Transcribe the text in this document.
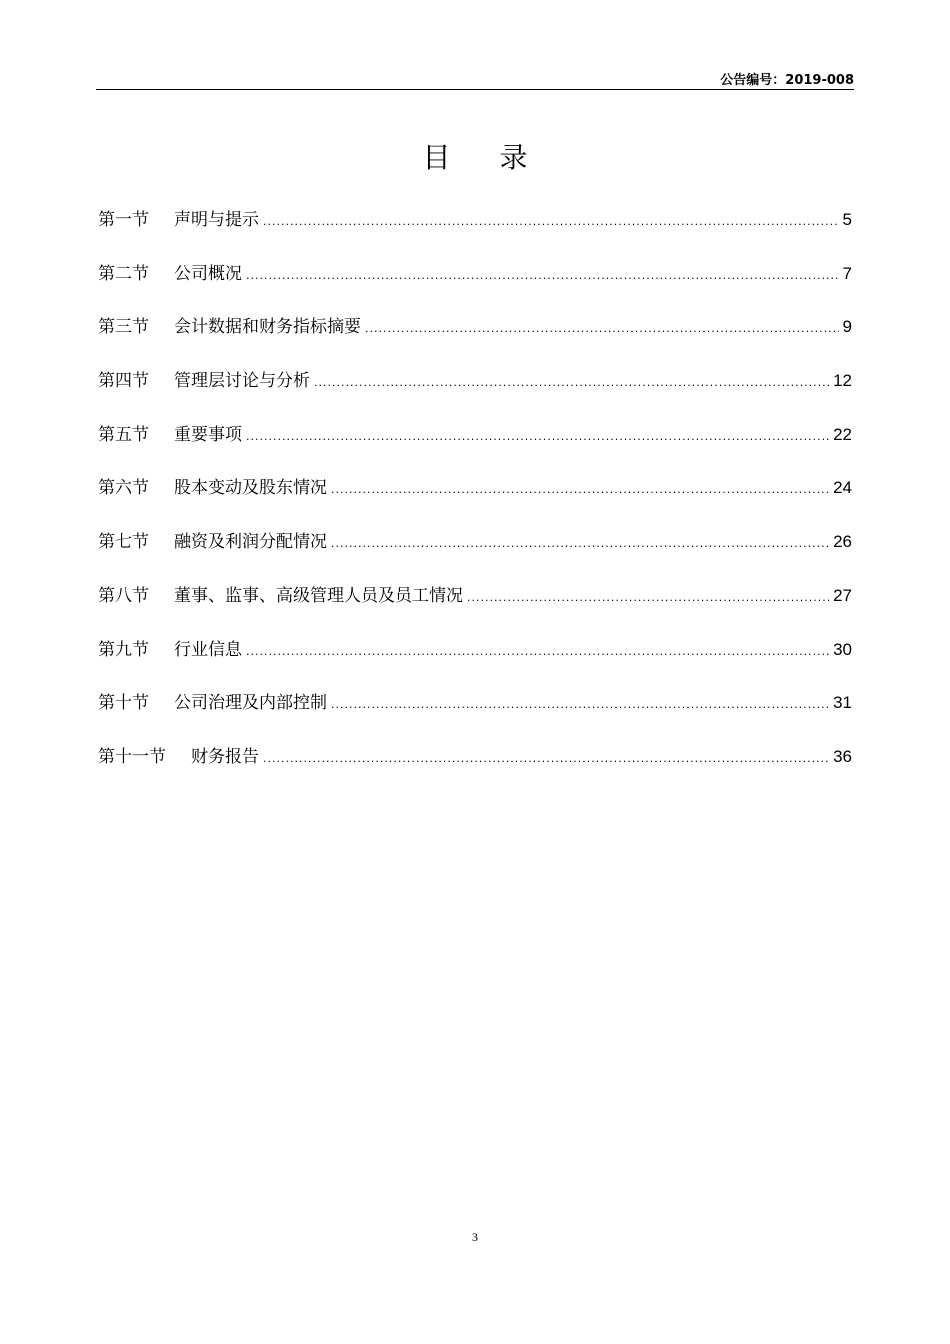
公告编号：2019-008
目 录
第一节 声明与提示 .....	5
第二节 公司概况 .....	7
第三节 会计数据和财务指标摘要 .....	9
第四节 管理层讨论与分析 .....	12
第五节 重要事项 .....	22
第六节 股本变动及股东情况 .....	24
第七节 融资及利润分配情况 .....	26
第八节 董事、监事、高级管理人员及员工情况 .....	27
第九节 行业信息 .....	30
第十节 公司治理及内部控制 .....	31
第十一节 财务报告 .....	36
3
